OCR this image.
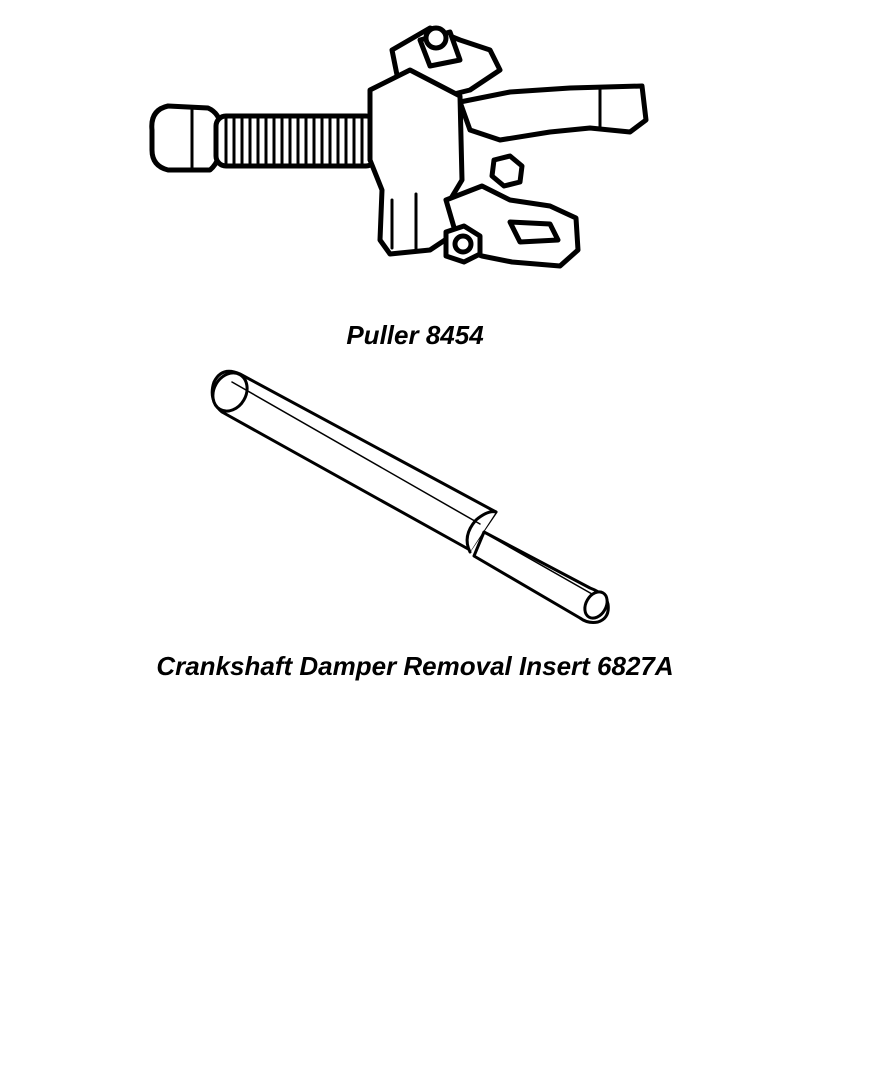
Puller 8454
Crankshaft Damper Removal Insert 6827A
